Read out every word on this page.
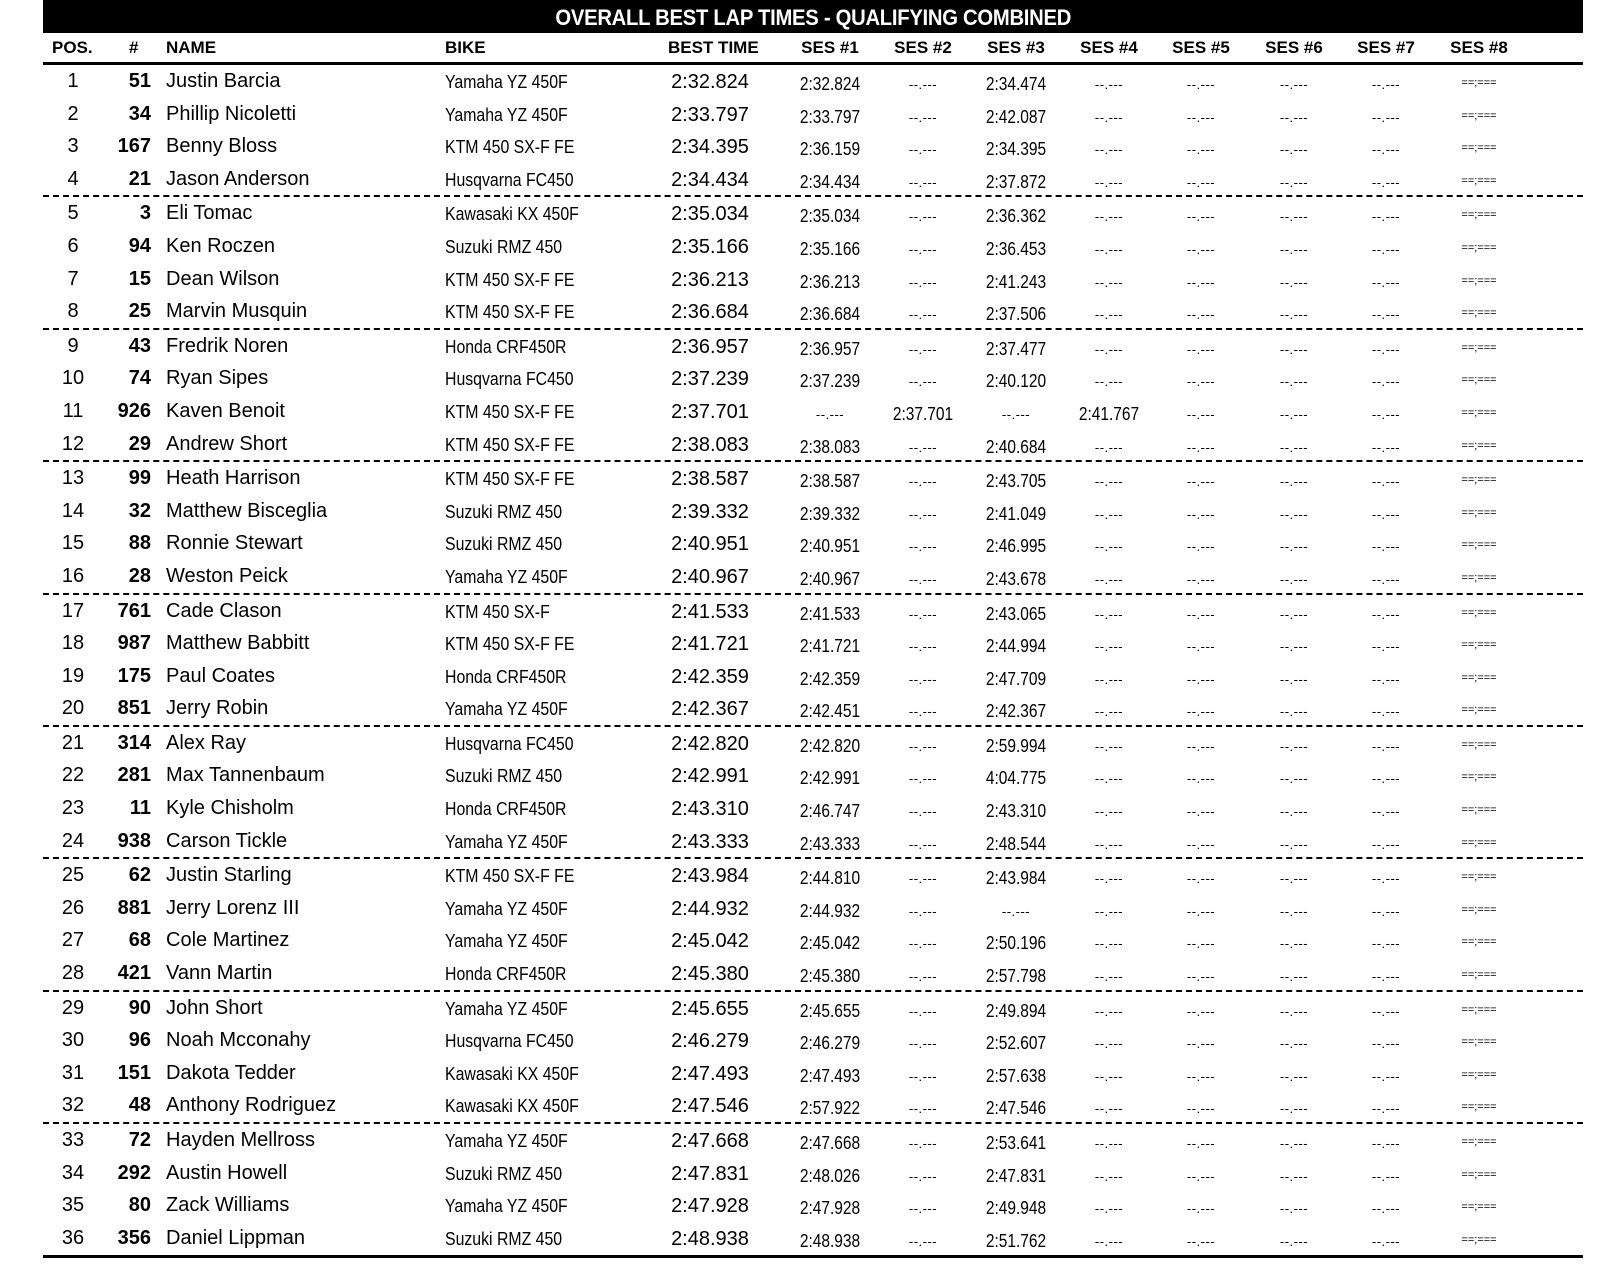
OVERALL BEST LAP TIMES - QUALIFYING COMBINED
POS. # NAME	BIKE	BEST TIME	SES #1	SES #2	SES #3	SES #4	SES #5	SES #6	SES #7	SES #8
1	51 Justin Barcia	Yamaha YZ 450F	2:32.824	2:32.824	--.---	2:34.474	--.---	--.---	--.---	--.---	==;===
2	34 Phillip Nicoletti	Yamaha YZ 450F	2:33.797	2:33.797	--.---	2:42.087	--.---	--.---	--.---	--.---	==;===
3	167 Benny Bloss	KTM 450 SX-F FE	2:34.395	2:36.159	--.---	2:34.395	--.---	--.---	--.---	--.---	==;===
4	21 Jason Anderson	Husqvarna FC450	2:34.434	2:34.434	--.---	2:37.872	--.---	--.---	--.---	--.---	==;===
5	3 Eli Tomac	Kawasaki KX 450F	2:35.034	2:35.034	--.---	2:36.362	--.---	--.---	--.---	--.---	==;===
6	94 Ken Roczen	Suzuki RMZ 450	2:35.166	2:35.166	--.---	2:36.453	--.---	--.---	--.---	--.---	==;===
7	15 Dean Wilson	KTM 450 SX-F FE	2:36.213	2:36.213	--.---	2:41.243	--.---	--.---	--.---	--.---	==;===
8	25 Marvin Musquin	KTM 450 SX-F FE	2:36.684	2:36.684	--.---	2:37.506	--.---	--.---	--.---	--.---	==;===
9	43 Fredrik Noren	Honda CRF450R	2:36.957	2:36.957	--.---	2:37.477	--.---	--.---	--.---	--.---	==;===
10	74 Ryan Sipes	Husqvarna FC450	2:37.239	2:37.239	--.---	2:40.120	--.---	--.---	--.---	--.---	==;===
11	926 Kaven Benoit	KTM 450 SX-F FE	2:37.701	--.---	2:37.701	--.---	2:41.767	--.---	--.---	--.---	==;===
12	29 Andrew Short	KTM 450 SX-F FE	2:38.083	2:38.083	--.---	2:40.684	--.---	--.---	--.---	--.---	==;===
13	99 Heath Harrison	KTM 450 SX-F FE	2:38.587	2:38.587	--.---	2:43.705	--.---	--.---	--.---	--.---	==;===
14	32 Matthew Bisceglia	Suzuki RMZ 450	2:39.332	2:39.332	--.---	2:41.049	--.---	--.---	--.---	--.---	==;===
15	88 Ronnie Stewart	Suzuki RMZ 450	2:40.951	2:40.951	--.---	2:46.995	--.---	--.---	--.---	--.---	==;===
16	28 Weston Peick	Yamaha YZ 450F	2:40.967	2:40.967	--.---	2:43.678	--.---	--.---	--.---	--.---	==;===
17	761 Cade Clason	KTM 450 SX-F	2:41.533	2:41.533	--.---	2:43.065	--.---	--.---	--.---	--.---	==;===
18	987 Matthew Babbitt	KTM 450 SX-F FE	2:41.721	2:41.721	--.---	2:44.994	--.---	--.---	--.---	--.---	==;===
19	175 Paul Coates	Honda CRF450R	2:42.359	2:42.359	--.---	2:47.709	--.---	--.---	--.---	--.---	==;===
20	851 Jerry Robin	Yamaha YZ 450F	2:42.367	2:42.451	--.---	2:42.367	--.---	--.---	--.---	--.---	==;===
21	314 Alex Ray	Husqvarna FC450	2:42.820	2:42.820	--.---	2:59.994	--.---	--.---	--.---	--.---	==;===
22	281 Max Tannenbaum	Suzuki RMZ 450	2:42.991	2:42.991	--.---	4:04.775	--.---	--.---	--.---	--.---	==;===
23	11 Kyle Chisholm	Honda CRF450R	2:43.310	2:46.747	--.---	2:43.310	--.---	--.---	--.---	--.---	==;===
24	938 Carson Tickle	Yamaha YZ 450F	2:43.333	2:43.333	--.---	2:48.544	--.---	--.---	--.---	--.---	==;===
25	62 Justin Starling	KTM 450 SX-F FE	2:43.984	2:44.810	--.---	2:43.984	--.---	--.---	--.---	--.---	==;===
26	881 Jerry Lorenz III	Yamaha YZ 450F	2:44.932	2:44.932	--.---	--.---	--.---	--.---	--.---	--.---	==;===
27	68 Cole Martinez	Yamaha YZ 450F	2:45.042	2:45.042	--.---	2:50.196	--.---	--.---	--.---	--.---	==;===
28	421 Vann Martin	Honda CRF450R	2:45.380	2:45.380	--.---	2:57.798	--.---	--.---	--.---	--.---	==;===
29	90 John Short	Yamaha YZ 450F	2:45.655	2:45.655	--.---	2:49.894	--.---	--.---	--.---	--.---	==;===
30	96 Noah Mcconahy	Husqvarna FC450	2:46.279	2:46.279	--.---	2:52.607	--.---	--.---	--.---	--.---	==;===
31	151 Dakota Tedder	Kawasaki KX 450F	2:47.493	2:47.493	--.---	2:57.638	--.---	--.---	--.---	--.---	==;===
32	48 Anthony Rodriguez	Kawasaki KX 450F	2:47.546	2:57.922	--.---	2:47.546	--.---	--.---	--.---	--.---	==;===
33	72 Hayden Mellross	Yamaha YZ 450F	2:47.668	2:47.668	--.---	2:53.641	--.---	--.---	--.---	--.---	==;===
34	292 Austin Howell	Suzuki RMZ 450	2:47.831	2:48.026	--.---	2:47.831	--.---	--.---	--.---	--.---	==;===
35	80 Zack Williams	Yamaha YZ 450F	2:47.928	2:47.928	--.---	2:49.948	--.---	--.---	--.---	--.---	==;===
36	356 Daniel Lippman	Suzuki RMZ 450	2:48.938	2:48.938	--.---	2:51.762	--.---	--.---	--.---	--.---	==;===
